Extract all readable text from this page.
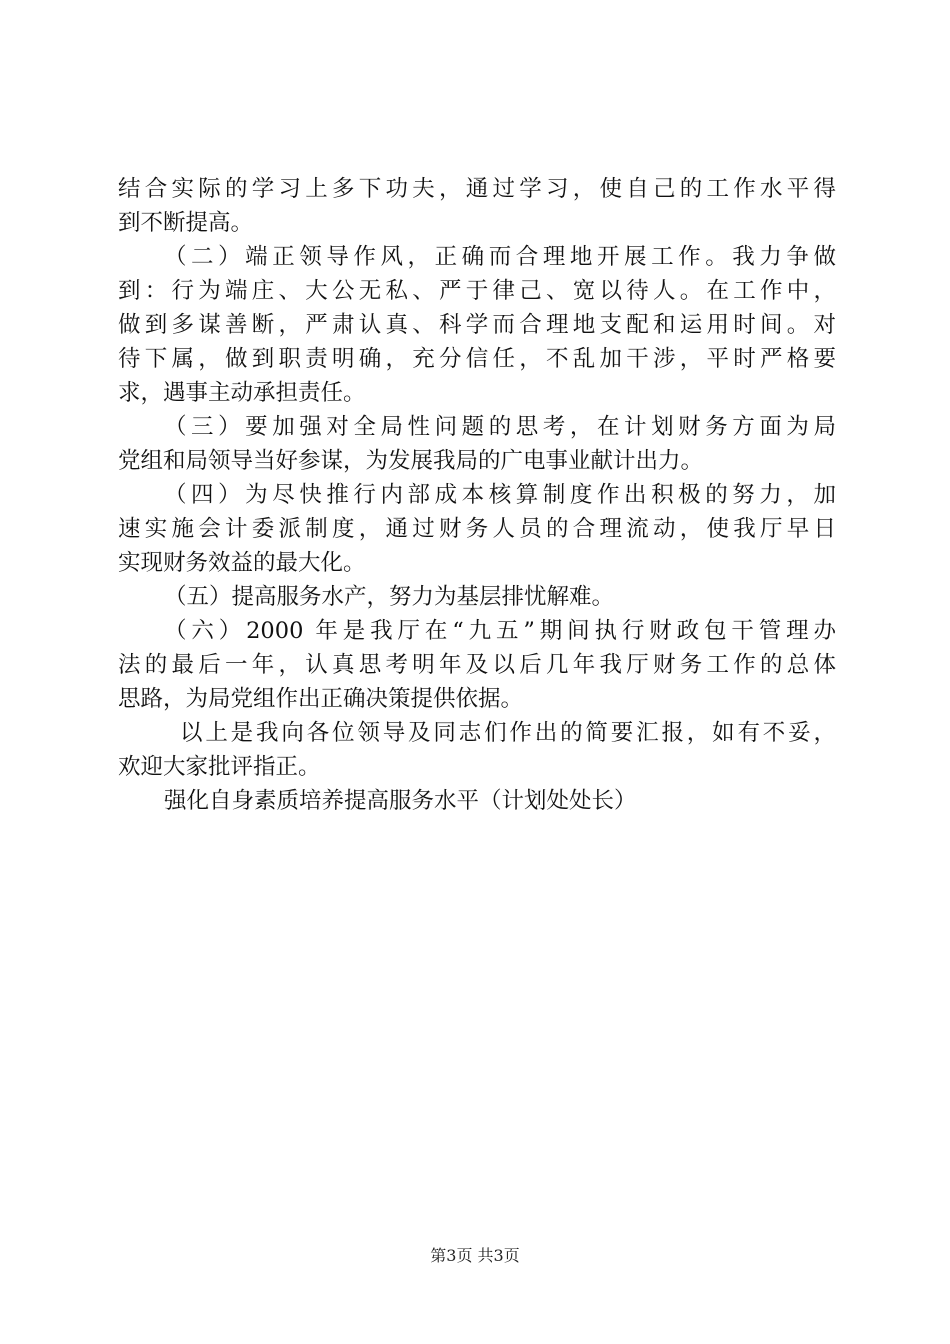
结合实际的学习上多下功夫，通过学习，使自己的工作水平得
到不断提高。
（二）端正领导作风，正确而合理地开展工作。我力争做
到：行为端庄、大公无私、严于律己、宽以待人。在工作中，
做到多谋善断，严肃认真、科学而合理地支配和运用时间。对
待下属，做到职责明确，充分信任，不乱加干涉，平时严格要
求，遇事主动承担责任。
（三）要加强对全局性问题的思考，在计划财务方面为局
党组和局领导当好参谋，为发展我局的广电事业献计出力。
（四）为尽快推行内部成本核算制度作出积极的努力，加
速实施会计委派制度，通过财务人员的合理流动，使我厅早日
实现财务效益的最大化。
（五）提高服务水产，努力为基层排忧解难。
（六）2000 年是我厅在“九五”期间执行财政包干管理办
法的最后一年，认真思考明年及以后几年我厅财务工作的总体
思路，为局党组作出正确决策提供依据。
以上是我向各位领导及同志们作出的简要汇报，如有不妥，
欢迎大家批评指正。
强化自身素质培养提高服务水平（计划处处长）
第3页 共3页
